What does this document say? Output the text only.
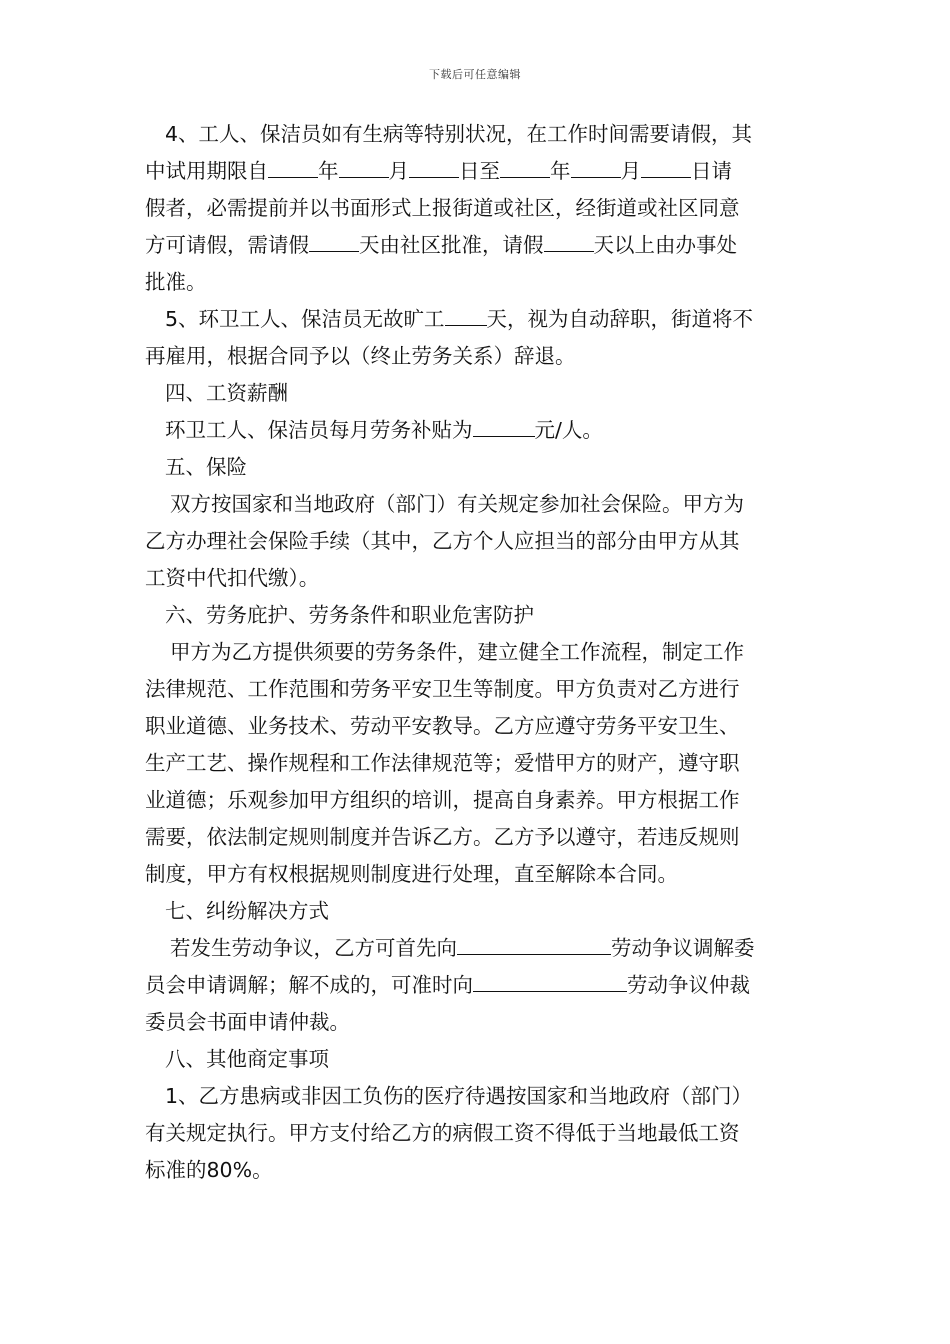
下载后可任意编辑
4、工人、保洁员如有生病等特别状况，在工作时间需要请假，其
中试用期限自 年 月 日至 年 月 日请
假者，必需提前并以书面形式上报街道或社区，经街道或社区同意
方可请假，需请假 天由社区批准，请假 天以上由办事处
批准。
5、环卫工人、保洁员无故旷工 天，视为自动辞职，街道将不
再雇用，根据合同予以（终止劳务关系）辞退。
四、工资薪酬
环卫工人、保洁员每月劳务补贴为	元/人。
五、保险
双方按国家和当地政府（部门）有关规定参加社会保险。甲方为
乙方办理社会保险手续（其中，乙方个人应担当的部分由甲方从其
工资中代扣代缴）。
六、劳务庇护、劳务条件和职业危害防护
甲方为乙方提供须要的劳务条件，建立健全工作流程，制定工作
法律规范、工作范围和劳务平安卫生等制度。甲方负责对乙方进行
职业道德、业务技术、劳动平安教导。乙方应遵守劳务平安卫生、
生产工艺、操作规程和工作法律规范等；爱惜甲方的财产，遵守职
业道德；乐观参加甲方组织的培训，提高自身素养。甲方根据工作
需要，依法制定规则制度并告诉乙方。乙方予以遵守，若违反规则
制度，甲方有权根据规则制度进行处理，直至解除本合同。
七、纠纷解决方式
若发生劳动争议，乙方可首先向	劳动争议调解委
员会申请调解；解不成的，可准时向	劳动争议仲裁
委员会书面申请仲裁。
八、其他商定事项
1、乙方患病或非因工负伤的医疗待遇按国家和当地政府（部门）
有关规定执行。甲方支付给乙方的病假工资不得低于当地最低工资
标准的80%。
